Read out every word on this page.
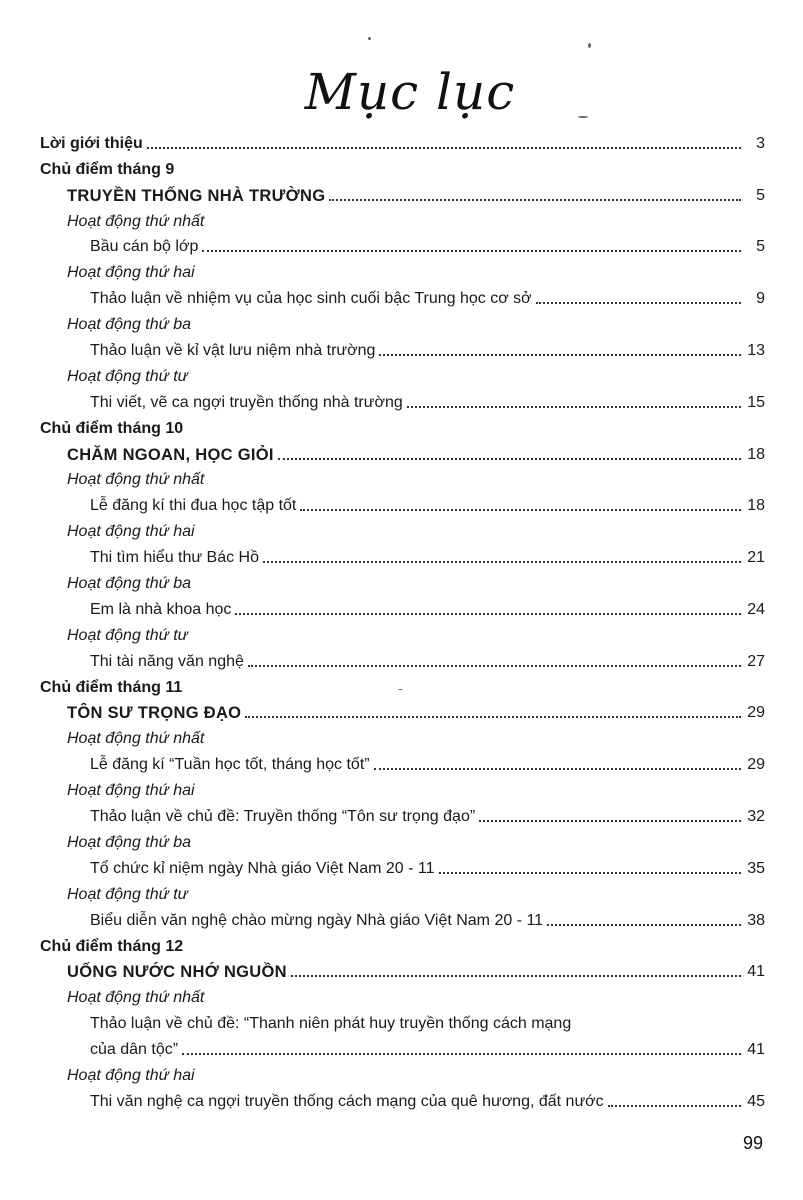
Mục lục
Lời giới thiệu	3
Chủ điểm tháng 9
TRUYỀN THỐNG NHÀ TRƯỜNG	5
Hoạt động thứ nhất
Bầu cán bộ lớp	5
Hoạt động thứ hai
Thảo luận về nhiệm vụ của học sinh cuối bậc Trung học cơ sở	9
Hoạt động thứ ba
Thảo luận về kỉ vật lưu niệm nhà trường	13
Hoạt động thứ tư
Thi viết, vẽ ca ngợi truyền thống nhà trường	15
Chủ điểm tháng 10
CHĂM NGOAN, HỌC GIỎI	18
Hoạt động thứ nhất
Lễ đăng kí thi đua học tập tốt	18
Hoạt động thứ hai
Thi tìm hiểu thư Bác Hồ	21
Hoạt động thứ ba
Em là nhà khoa học	24
Hoạt động thứ tư
Thi tài năng văn nghệ	27
Chủ điểm tháng 11
TÔN SƯ TRỌNG ĐẠO	29
Hoạt động thứ nhất
Lễ đăng kí “Tuần học tốt, tháng học tốt”	29
Hoạt động thứ hai
Thảo luận về chủ đề: Truyền thống “Tôn sư trọng đạo”	32
Hoạt động thứ ba
Tổ chức kỉ niệm ngày Nhà giáo Việt Nam 20 - 11	35
Hoạt động thứ tư
Biểu diễn văn nghệ chào mừng ngày Nhà giáo Việt Nam 20 - 11	38
Chủ điểm tháng 12
UỐNG NƯỚC NHỚ NGUỒN	41
Hoạt động thứ nhất
Thảo luận về chủ đề: “Thanh niên phát huy truyền thống cách mạng
của dân tộc”	41
Hoạt động thứ hai
Thi văn nghệ ca ngợi truyền thống cách mạng của quê hương, đất nước	45
99
